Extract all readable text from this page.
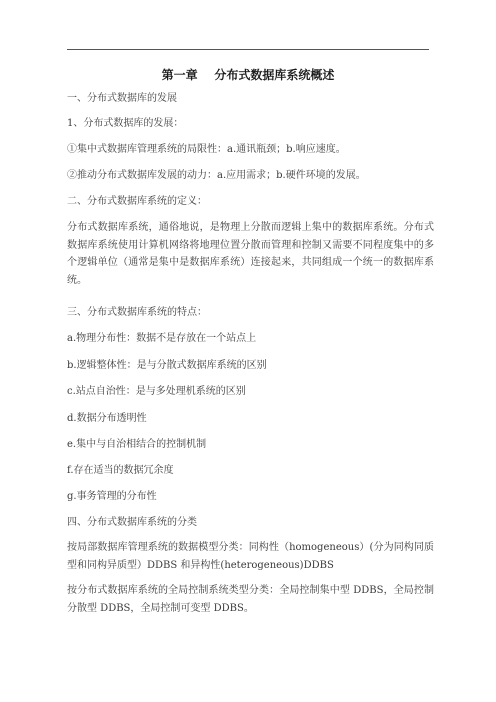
第一章    分布式数据库系统概述
一、分布式数据库的发展
1、分布式数据库的发展：
①集中式数据库管理系统的局限性：a.通讯瓶颈；b.响应速度。
②推动分布式数据库发展的动力：a.应用需求；b.硬件环境的发展。
二、分布式数据库系统的定义：
分布式数据库系统，通俗地说，是物理上分散而逻辑上集中的数据库系统。分布式数据库系统使用计算机网络将地理位置分散而管理和控制又需要不同程度集中的多个逻辑单位（通常是集中是数据库系统）连接起来，共同组成一个统一的数据库系统。
三、分布式数据库系统的特点：
a.物理分布性：数据不是存放在一个站点上
b.逻辑整体性：是与分散式数据库系统的区别
c.站点自治性：是与多处理机系统的区别
d.数据分布透明性
e.集中与自治相结合的控制机制
f.存在适当的数据冗余度
g.事务管理的分布性
四、分布式数据库系统的分类
按局部数据库管理系统的数据模型分类：同构性（homogeneous）(分为同构同质型和同构异质型）DDBS 和异构性(heterogeneous)DDBS
按分布式数据库系统的全局控制系统类型分类：全局控制集中型 DDBS，全局控制分散型 DDBS，全局控制可变型 DDBS。
